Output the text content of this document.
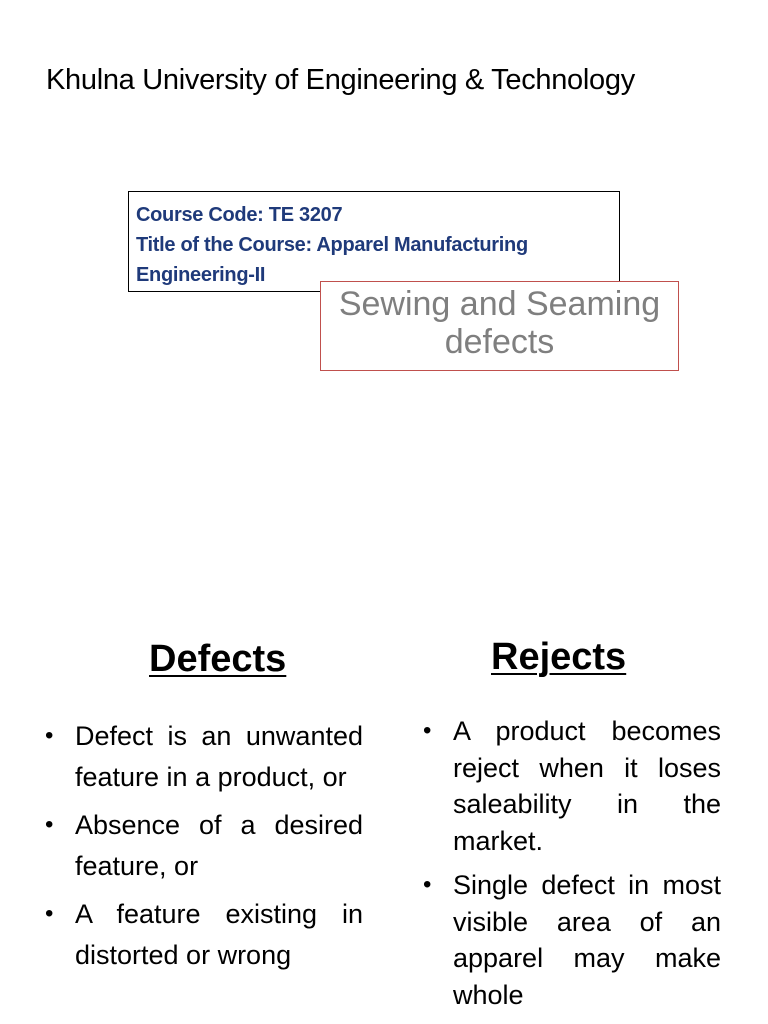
Khulna University of Engineering & Technology
Course Code: TE 3207
Title of the Course: Apparel Manufacturing
Engineering-II
Sewing and Seaming
defects
Defects	Rejects
• Defect is an unwanted feature in a product, or
• Absence of a desired feature, or
• A feature existing in distorted or wrong
• A product becomes reject when it loses saleability in the market.
• Single defect in most visible area of an apparel may make whole
